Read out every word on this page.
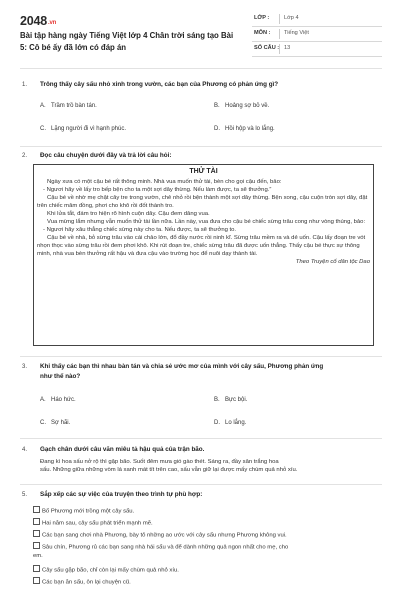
2048.vn
Bài tập hàng ngày Tiếng Việt lớp 4 Chân trời sáng tạo Bài 5: Cô bé ấy đã lớn có đáp án
LỚP :	Lớp 4
MÔN : Tiếng Việt
SỐ CÂU : 13
1. Trông thấy cây sấu nhỏ xinh trong vườn, các bạn của Phương có phản ứng gì?
A. Trầm trồ bàn tán.	B. Hoảng sợ bỏ về.
C. Lặng người đi vì hạnh phúc.	D. Hồi hộp và lo lắng.
2. Đọc câu chuyện dưới đây và trả lời câu hỏi:
THỬ TÀI

Ngày xưa có một cậu bé rất thông minh. Nhà vua muốn thử tài, bèn cho gọi cậu đến, bảo:

- Ngươi hãy về lấy tro bếp bện cho ta một sợi dây thừng. Nếu làm được, ta sẽ thưởng.”

Cậu bé về nhờ mẹ chặt cây tre trong vườn, chẻ nhỏ rồi bện thành một sợi dây thừng. Bện xong, cậu cuộn tròn sợi dây, đặt trên chiếc mâm đồng, phơi cho khô rồi đốt thành tro.

Khi lửa tắt, đám tro hiện rõ hình cuộn dây. Cậu đem dâng vua.

Vua mừng lắm nhưng vẫn muốn thử tài lần nữa. Lần này, vua đưa cho cậu bé chiếc sừng trâu cong như vòng thúng, bảo:

- Ngươi hãy xâu thẳng chiếc sừng này cho ta. Nếu được, ta sẽ thưởng to.

Cậu bé về nhà, bỏ sừng trâu vào cái chảo lớn, đổ đầy nước rồi ninh kĩ. Sừng trâu mềm ra và dẻ uốn. Cậu lấy đoạn tre vót nhọn thọc vào sừng trâu rồi đem phơi khô. Khi rút đoạn tre, chiếc sừng trâu đã được uốn thẳng. Thấy cậu bé thực sự thông minh, nhà vua bèn thưởng rất hậu và đưa cậu vào trường học để nuôi dạy thành tài.

Theo Truyện cổ dân tộc Dao

3. Khi thấy các bạn thì nhau bàn tán và chia sẻ ước mơ của mình với cây sấu, Phương phản ứng
như thế nào?
A. Háo hức.	B. Bực bội.
C. Sợ hãi.	D. Lo lắng.
4. Gạch chân dưới câu văn miêu tả hậu quả của trận bão.
Đang kì hoa sấu nở rộ thì gặp bão. Suốt đêm mưa gió gào thét. Sáng ra, đầy sân trắng hoa
sấu. Những giữa những vòm lá xanh mát tít trên cao, sấu vẫn giữ lại được mấy chùm quả nhỏ xíu.
5. Sắp xếp các sự việc của truyện theo trình tự phù hợp:
Bố Phương mới trồng một cây sấu.
Hai năm sau, cây sấu phát triển mạnh mẽ.
Các bạn sang chơi nhà Phương, bày tỏ những ao ước với cây sấu nhưng Phương không vui.
Sâu chín, Phương rủ các bạn sang nhà hái sấu và để dành những quả ngon nhất cho mẹ, cho
em.
Cây sấu gặp bão, chỉ còn lại mấy chùm quả nhỏ xíu.
Các bạn ăn sấu, ôn lại chuyện cũ.
